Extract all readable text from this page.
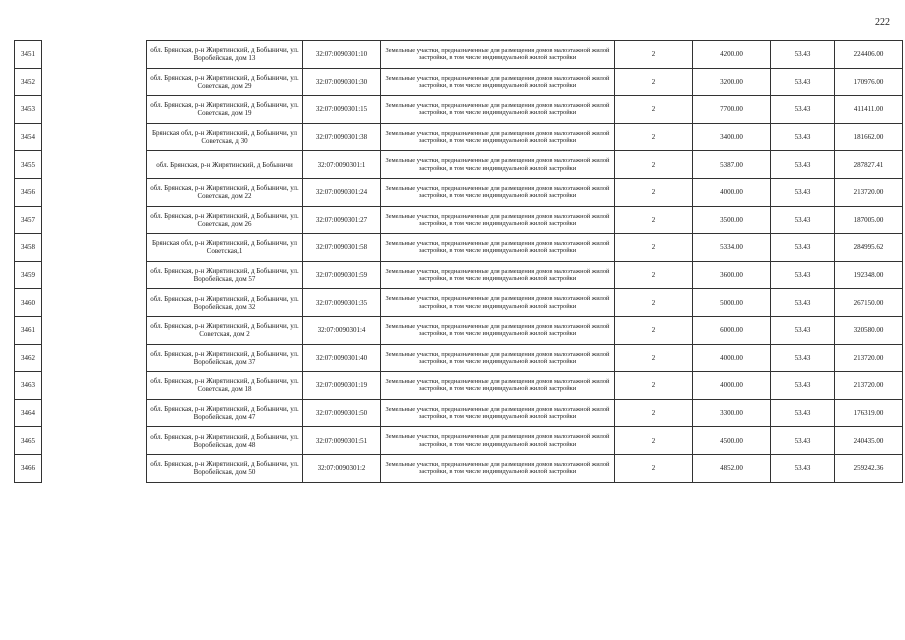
222
3451		обл. Брянская, р-н Жирятинский, д Бобыничи, ул. Воробейская, дом 13	32:07:0090301:10	Земельные участки, предназначенные для размещения домов малоэтажной жилой застройки, в том числе индивидуальной жилой застройки	2	4200.00	53.43	224406.00
3452		обл. Брянская, р-н Жирятинский, д Бобыничи, ул. Советская, дом 29	32:07:0090301:30	Земельные участки, предназначенные для размещения домов малоэтажной жилой застройки, в том числе индивидуальной жилой застройки	2	3200.00	53.43	170976.00
3453		обл. Брянская, р-н Жирятинский, д Бобыничи, ул. Советская, дом 19	32:07:0090301:15	Земельные участки, предназначенные для размещения домов малоэтажной жилой застройки, в том числе индивидуальной жилой застройки	2	7700.00	53.43	411411.00
3454		Брянская обл, р-н Жирятинский, д Бобыничи, ул Советская, д 30	32:07:0090301:38	Земельные участки, предназначенные для размещения домов малоэтажной жилой застройки, в том числе индивидуальной жилой застройки	2	3400.00	53.43	181662.00
3455		обл. Брянская, р-н Жирятинский, д Бобыничи	32:07:0090301:1	Земельные участки, предназначенные для размещения домов малоэтажной жилой застройки, в том числе индивидуальной жилой застройки	2	5387.00	53.43	287827.41
3456		обл. Брянская, р-н Жирятинский, д Бобыничи, ул. Советская, дом 22	32:07:0090301:24	Земельные участки, предназначенные для размещения домов малоэтажной жилой застройки, в том числе индивидуальной жилой застройки	2	4000.00	53.43	213720.00
3457		обл. Брянская, р-н Жирятинский, д Бобыничи, ул. Советская, дом 26	32:07:0090301:27	Земельные участки, предназначенные для размещения домов малоэтажной жилой застройки, в том числе индивидуальной жилой застройки	2	3500.00	53.43	187005.00
3458		Брянская обл, р-н Жирятинский, д Бобыничи, ул Советская,1	32:07:0090301:58	Земельные участки, предназначенные для размещения домов малоэтажной жилой застройки, в том числе индивидуальной жилой застройки	2	5334.00	53.43	284995.62
3459		обл. Брянская, р-н Жирятинский, д Бобыничи, ул. Воробейская, дом 57	32:07:0090301:59	Земельные участки, предназначенные для размещения домов малоэтажной жилой застройки, в том числе индивидуальной жилой застройки	2	3600.00	53.43	192348.00
3460		обл. Брянская, р-н Жирятинский, д Бобыничи, ул. Воробейская, дом 32	32:07:0090301:35	Земельные участки, предназначенные для размещения домов малоэтажной жилой застройки, в том числе индивидуальной жилой застройки	2	5000.00	53.43	267150.00
3461		обл. Брянская, р-н Жирятинский, д Бобыничи, ул. Советская, дом 2	32:07:0090301:4	Земельные участки, предназначенные для размещения домов малоэтажной жилой застройки, в том числе индивидуальной жилой застройки	2	6000.00	53.43	320580.00
3462		обл. Брянская, р-н Жирятинский, д Бобыничи, ул. Воробейская, дом 37	32:07:0090301:40	Земельные участки, предназначенные для размещения домов малоэтажной жилой застройки, в том числе индивидуальной жилой застройки	2	4000.00	53.43	213720.00
3463		обл. Брянская, р-н Жирятинский, д Бобыничи, ул. Советская, дом 18	32:07:0090301:19	Земельные участки, предназначенные для размещения домов малоэтажной жилой застройки, в том числе индивидуальной жилой застройки	2	4000.00	53.43	213720.00
3464		обл. Брянская, р-н Жирятинский, д Бобыничи, ул. Воробейская, дом 47	32:07:0090301:50	Земельные участки, предназначенные для размещения домов малоэтажной жилой застройки, в том числе индивидуальной жилой застройки	2	3300.00	53.43	176319.00
3465		обл. Брянская, р-н Жирятинский, д Бобыничи, ул. Воробейская, дом 48	32:07:0090301:51	Земельные участки, предназначенные для размещения домов малоэтажной жилой застройки, в том числе индивидуальной жилой застройки	2	4500.00	53.43	240435.00
3466		обл. Брянская, р-н Жирятинский, д Бобыничи, ул. Воробейская, дом 50	32:07:0090301:2	Земельные участки, предназначенные для размещения домов малоэтажной жилой застройки, в том числе индивидуальной жилой застройки	2	4852.00	53.43	259242.36
